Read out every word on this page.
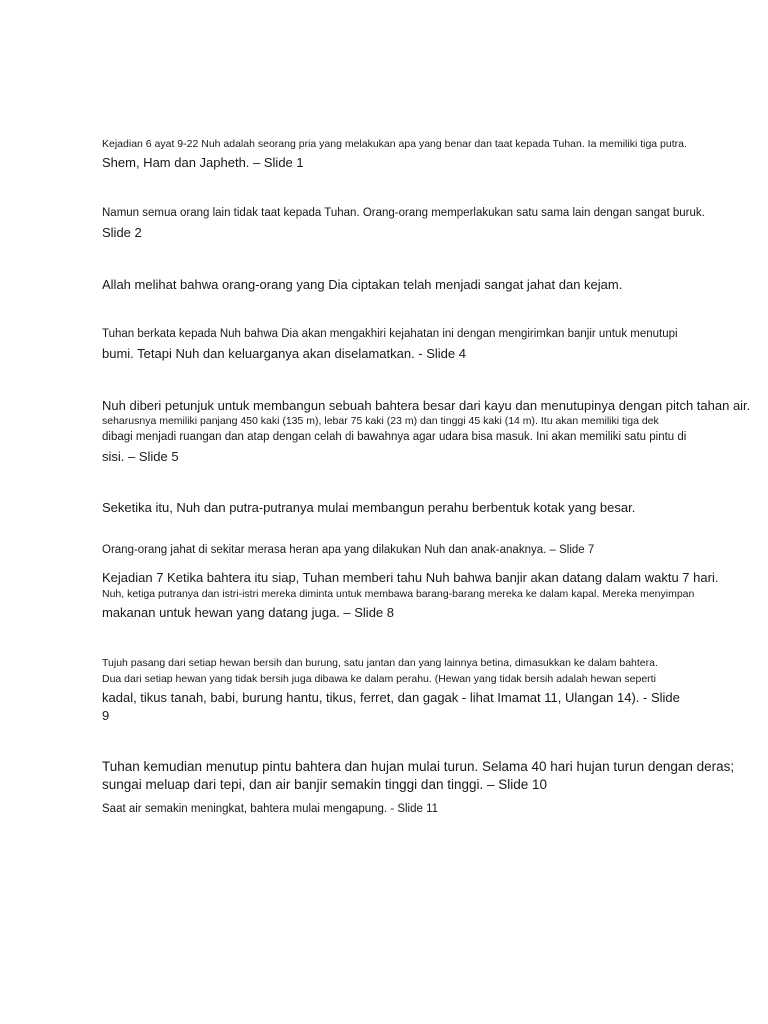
Kejadian 6 ayat 9-22 Nuh adalah seorang pria yang melakukan apa yang benar dan taat kepada Tuhan. Ia memiliki tiga putra.
Shem, Ham dan Japheth. – Slide 1
Namun semua orang lain tidak taat kepada Tuhan. Orang-orang memperlakukan satu sama lain dengan sangat buruk.
Slide 2
Allah melihat bahwa orang-orang yang Dia ciptakan telah menjadi sangat jahat dan kejam.
Tuhan berkata kepada Nuh bahwa Dia akan mengakhiri kejahatan ini dengan mengirimkan banjir untuk menutupi
bumi. Tetapi Nuh dan keluarganya akan diselamatkan. - Slide 4
Nuh diberi petunjuk untuk membangun sebuah bahtera besar dari kayu dan menutupinya dengan pitch tahan air.
seharusnya memiliki panjang 450 kaki (135 m), lebar 75 kaki (23 m) dan tinggi 45 kaki (14 m). Itu akan memiliki tiga dek
dibagi menjadi ruangan dan atap dengan celah di bawahnya agar udara bisa masuk. Ini akan memiliki satu pintu di
sisi. – Slide 5
Seketika itu, Nuh dan putra-putranya mulai membangun perahu berbentuk kotak yang besar.
Orang-orang jahat di sekitar merasa heran apa yang dilakukan Nuh dan anak-anaknya. – Slide 7
Kejadian 7 Ketika bahtera itu siap, Tuhan memberi tahu Nuh bahwa banjir akan datang dalam waktu 7 hari.
Nuh, ketiga putranya dan istri-istri mereka diminta untuk membawa barang-barang mereka ke dalam kapal. Mereka menyimpan
makanan untuk hewan yang datang juga. – Slide 8
Tujuh pasang dari setiap hewan bersih dan burung, satu jantan dan yang lainnya betina, dimasukkan ke dalam bahtera.
Dua dari setiap hewan yang tidak bersih juga dibawa ke dalam perahu. (Hewan yang tidak bersih adalah hewan seperti
kadal, tikus tanah, babi, burung hantu, tikus, ferret, dan gagak - lihat Imamat 11, Ulangan 14). - Slide
9
Tuhan kemudian menutup pintu bahtera dan hujan mulai turun. Selama 40 hari hujan turun dengan deras;
sungai meluap dari tepi, dan air banjir semakin tinggi dan tinggi. – Slide 10
Saat air semakin meningkat, bahtera mulai mengapung. - Slide 11
